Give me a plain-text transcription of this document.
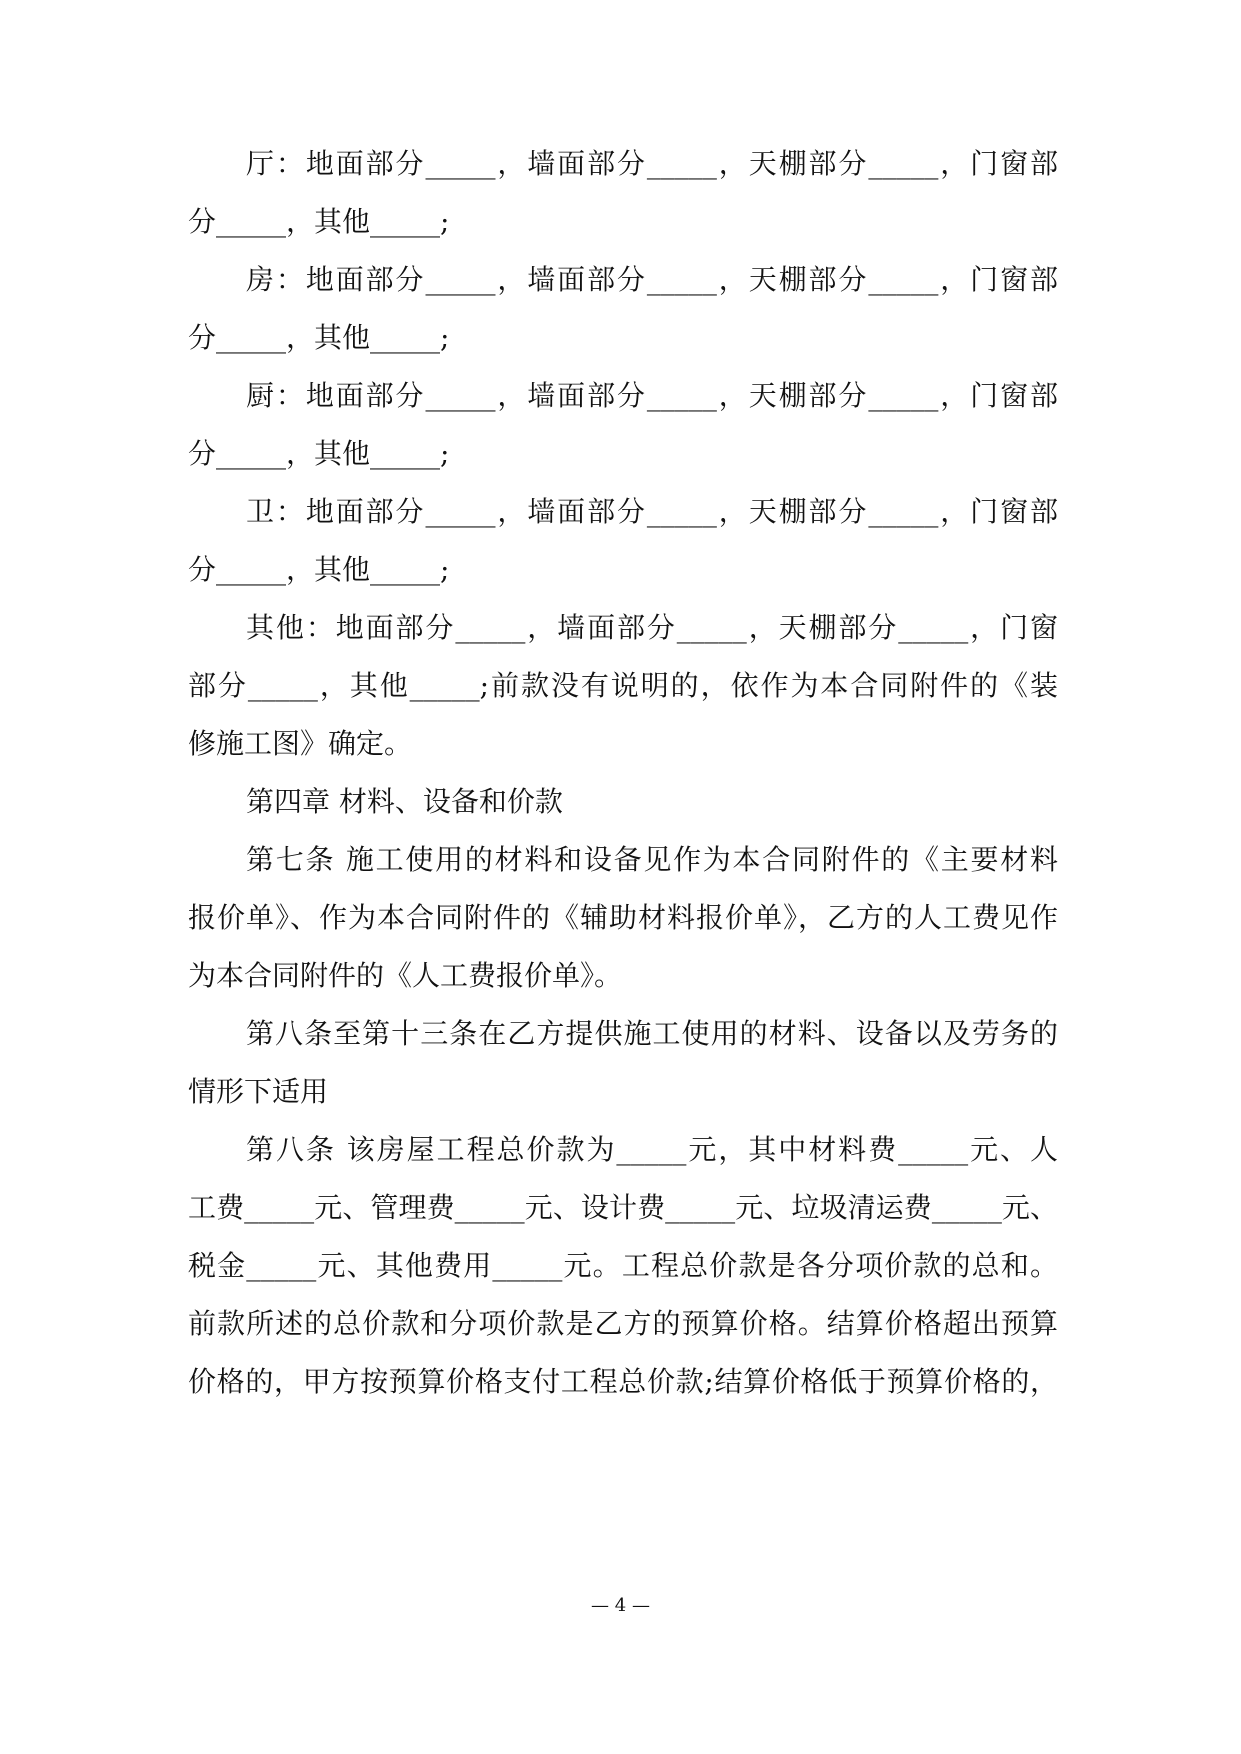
厅：地面部分_____，墙面部分_____，天棚部分_____，门窗部
分_____，其他_____;
房：地面部分_____，墙面部分_____，天棚部分_____，门窗部
分_____，其他_____;
厨：地面部分_____，墙面部分_____，天棚部分_____，门窗部
分_____，其他_____;
卫：地面部分_____，墙面部分_____，天棚部分_____，门窗部
分_____，其他_____;
其他：地面部分_____，墙面部分_____，天棚部分_____，门窗
部分_____，其他_____;前款没有说明的，依作为本合同附件的《装
修施工图》确定。
第四章 材料、设备和价款
第七条 施工使用的材料和设备见作为本合同附件的《主要材料
报价单》、作为本合同附件的《辅助材料报价单》，乙方的人工费见作
为本合同附件的《人工费报价单》。
第八条至第十三条在乙方提供施工使用的材料、设备以及劳务的
情形下适用
第八条 该房屋工程总价款为_____元，其中材料费_____元、人
工费_____元、管理费_____元、设计费_____元、垃圾清运费_____元、
税金_____元、其他费用_____元。工程总价款是各分项价款的总和。
前款所述的总价款和分项价款是乙方的预算价格。结算价格超出预算
价格的，甲方按预算价格支付工程总价款;结算价格低于预算价格的，
— 4 —
